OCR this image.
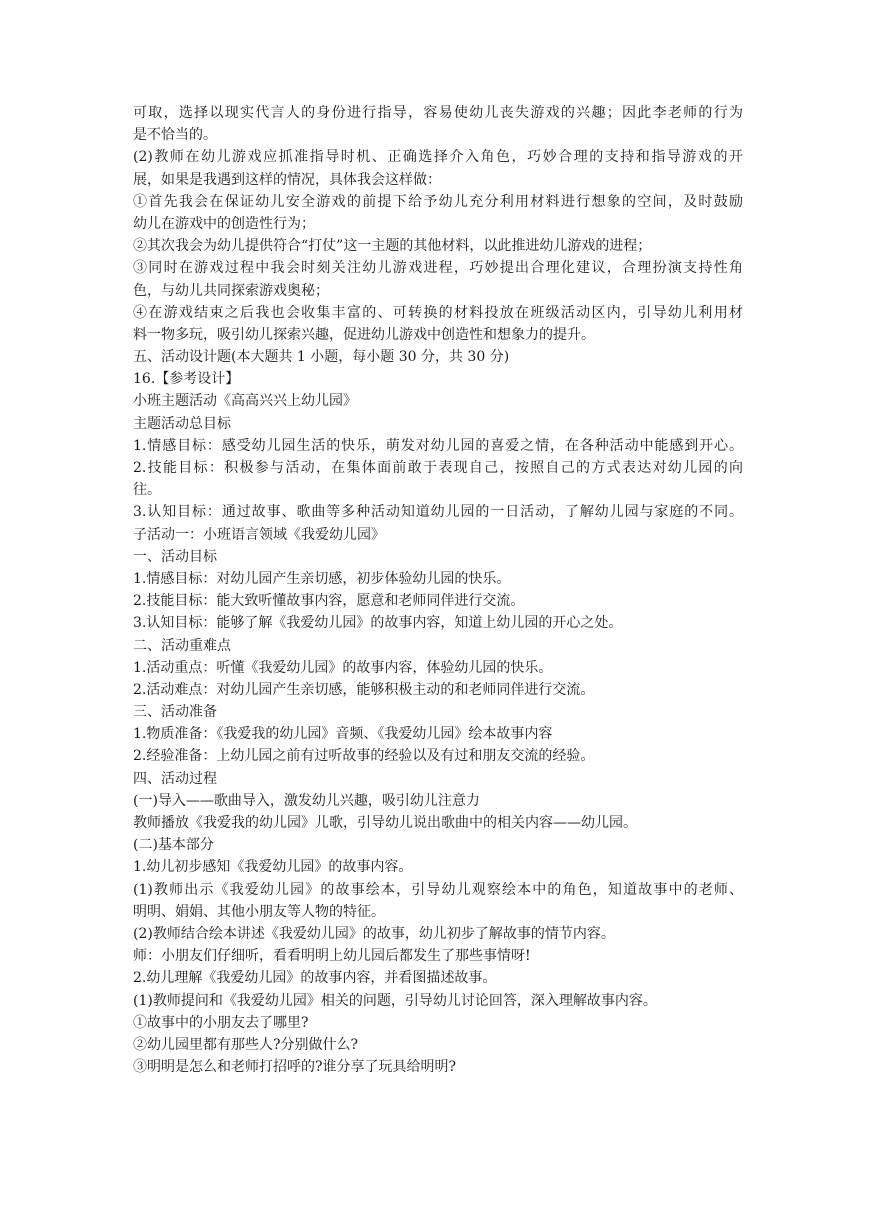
可取，选择以现实代言人的身份进行指导，容易使幼儿丧失游戏的兴趣；因此李老师的行为
是不恰当的。
(2)教师在幼儿游戏应抓准指导时机、正确选择介入角色，巧妙合理的支持和指导游戏的开
展，如果是我遇到这样的情况，具体我会这样做：
①首先我会在保证幼儿安全游戏的前提下给予幼儿充分利用材料进行想象的空间，及时鼓励
幼儿在游戏中的创造性行为；
②其次我会为幼儿提供符合“打仗”这一主题的其他材料，以此推进幼儿游戏的进程；
③同时在游戏过程中我会时刻关注幼儿游戏进程，巧妙提出合理化建议，合理扮演支持性角
色，与幼儿共同探索游戏奥秘；
④在游戏结束之后我也会收集丰富的、可转换的材料投放在班级活动区内，引导幼儿利用材
料一物多玩，吸引幼儿探索兴趣，促进幼儿游戏中创造性和想象力的提升。
五、活动设计题(本大题共 1 小题，每小题 30 分，共 30 分)
16.【参考设计】
小班主题活动《高高兴兴上幼儿园》
主题活动总目标
1.情感目标：感受幼儿园生活的快乐，萌发对幼儿园的喜爱之情，在各种活动中能感到开心。
2.技能目标：积极参与活动，在集体面前敢于表现自己，按照自己的方式表达对幼儿园的向
往。
3.认知目标：通过故事、歌曲等多种活动知道幼儿园的一日活动，了解幼儿园与家庭的不同。
子活动一：小班语言领域《我爱幼儿园》
一、活动目标
1.情感目标：对幼儿园产生亲切感，初步体验幼儿园的快乐。
2.技能目标：能大致听懂故事内容，愿意和老师同伴进行交流。
3.认知目标：能够了解《我爱幼儿园》的故事内容，知道上幼儿园的开心之处。
二、活动重难点
1.活动重点：听懂《我爱幼儿园》的故事内容，体验幼儿园的快乐。
2.活动难点：对幼儿园产生亲切感，能够积极主动的和老师同伴进行交流。
三、活动准备
1.物质准备：《我爱我的幼儿园》音频、《我爱幼儿园》绘本故事内容
2.经验准备：上幼儿园之前有过听故事的经验以及有过和朋友交流的经验。
四、活动过程
(一)导入——歌曲导入，激发幼儿兴趣，吸引幼儿注意力
教师播放《我爱我的幼儿园》儿歌，引导幼儿说出歌曲中的相关内容——幼儿园。
(二)基本部分
1.幼儿初步感知《我爱幼儿园》的故事内容。
(1)教师出示《我爱幼儿园》的故事绘本，引导幼儿观察绘本中的角色，知道故事中的老师、
明明、娟娟、其他小朋友等人物的特征。
(2)教师结合绘本讲述《我爱幼儿园》的故事，幼儿初步了解故事的情节内容。
师：小朋友们仔细听，看看明明上幼儿园后都发生了那些事情呀!
2.幼儿理解《我爱幼儿园》的故事内容，并看图描述故事。
(1)教师提问和《我爱幼儿园》相关的问题，引导幼儿讨论回答，深入理解故事内容。
①故事中的小朋友去了哪里?
②幼儿园里都有那些人?分别做什么?
③明明是怎么和老师打招呼的?谁分享了玩具给明明?
